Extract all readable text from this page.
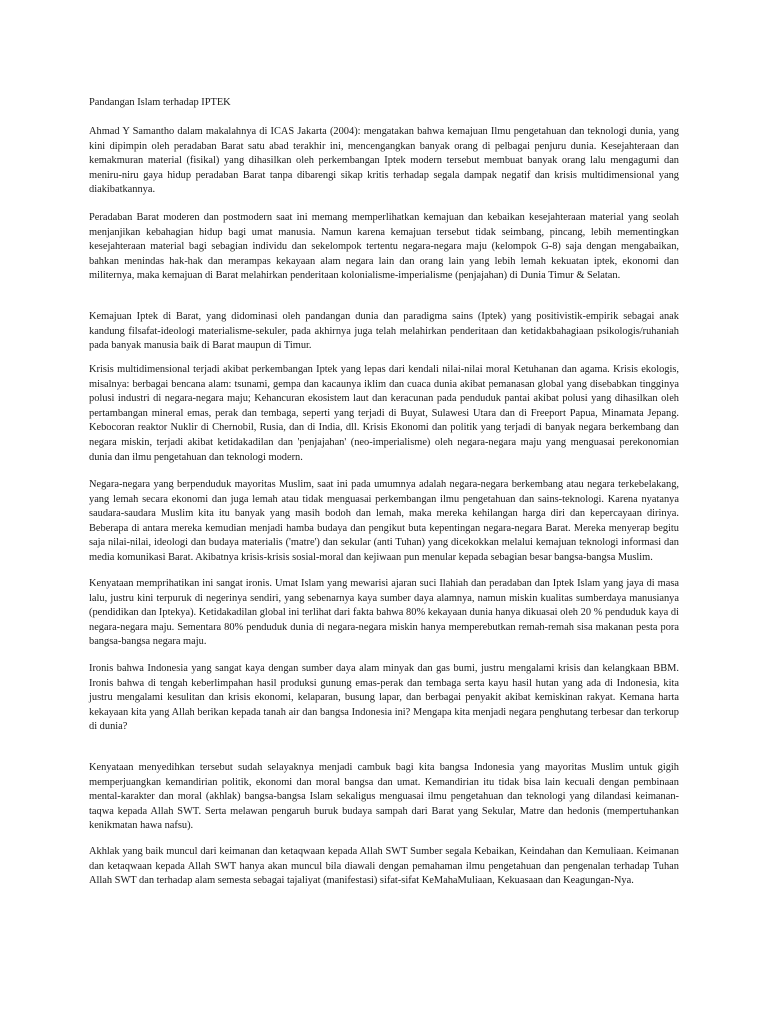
Pandangan Islam terhadap IPTEK

Ahmad Y Samantho dalam makalahnya di ICAS Jakarta (2004): mengatakan bahwa kemajuan Ilmu pengetahuan dan teknologi dunia, yang kini dipimpin oleh peradaban Barat satu abad terakhir ini, mencengangkan banyak orang di pelbagai penjuru dunia. Kesejahteraan dan kemakmuran material (fisikal) yang dihasilkan oleh perkembangan Iptek modern tersebut membuat banyak orang lalu mengagumi dan meniru-niru gaya hidup peradaban Barat tanpa dibarengi sikap kritis terhadap segala dampak negatif dan krisis multidimensional yang diakibatkannya.

Peradaban Barat moderen dan postmodern saat ini memang memperlihatkan kemajuan dan kebaikan kesejahteraan material yang seolah menjanjikan kebahagian hidup bagi umat manusia. Namun karena kemajuan tersebut tidak seimbang, pincang, lebih mementingkan kesejahteraan material bagi sebagian individu dan sekelompok tertentu negara-negara maju (kelompok G-8) saja dengan mengabaikan, bahkan menindas hak-hak dan merampas kekayaan alam negara lain dan orang lain yang lebih lemah kekuatan iptek, ekonomi dan militernya, maka kemajuan di Barat melahirkan penderitaan kolonialisme-imperialisme (penjajahan) di Dunia Timur & Selatan.

Kemajuan Iptek di Barat, yang didominasi oleh pandangan dunia dan paradigma sains (Iptek) yang positivistik-empirik sebagai anak kandung filsafat-ideologi materialisme-sekuler, pada akhirnya juga telah melahirkan penderitaan dan ketidakbahagiaan psikologis/ruhaniah pada banyak manusia baik di Barat maupun di Timur.

Krisis multidimensional terjadi akibat perkembangan Iptek yang lepas dari kendali nilai-nilai moral Ketuhanan dan agama. Krisis ekologis, misalnya: berbagai bencana alam: tsunami, gempa dan kacaunya iklim dan cuaca dunia akibat pemanasan global yang disebabkan tingginya polusi industri di negara-negara maju; Kehancuran ekosistem laut dan keracunan pada penduduk pantai akibat polusi yang dihasilkan oleh pertambangan mineral emas, perak dan tembaga, seperti yang terjadi di Buyat, Sulawesi Utara dan di Freeport Papua, Minamata Jepang. Kebocoran reaktor Nuklir di Chernobil, Rusia, dan di India, dll. Krisis Ekonomi dan politik yang terjadi di banyak negara berkembang dan negara miskin, terjadi akibat ketidakadilan dan 'penjajahan' (neo-imperialisme) oleh negara-negara maju yang menguasai perekonomian dunia dan ilmu pengetahuan dan teknologi modern.

Negara-negara yang berpenduduk mayoritas Muslim, saat ini pada umumnya adalah negara-negara berkembang atau negara terkebelakang, yang lemah secara ekonomi dan juga lemah atau tidak menguasai perkembangan ilmu pengetahuan dan sains-teknologi. Karena nyatanya saudara-saudara Muslim kita itu banyak yang masih bodoh dan lemah, maka mereka kehilangan harga diri dan kepercayaan dirinya. Beberapa di antara mereka kemudian menjadi hamba budaya dan pengikut buta kepentingan negara-negara Barat. Mereka menyerap begitu saja nilai-nilai, ideologi dan budaya materialis ('matre') dan sekular (anti Tuhan) yang dicekokkan melalui kemajuan teknologi informasi dan media komunikasi Barat. Akibatnya krisis-krisis sosial-moral dan kejiwaan pun menular kepada sebagian besar bangsa-bangsa Muslim.

Kenyataan memprihatikan ini sangat ironis. Umat Islam yang mewarisi ajaran suci Ilahiah dan peradaban dan Iptek Islam yang jaya di masa lalu, justru kini terpuruk di negerinya sendiri, yang sebenarnya kaya sumber daya alamnya, namun miskin kualitas sumberdaya manusianya (pendidikan dan Iptekya). Ketidakadilan global ini terlihat dari fakta bahwa 80% kekayaan dunia hanya dikuasai oleh 20 % penduduk kaya di negara-negara maju. Sementara 80% penduduk dunia di negara-negara miskin hanya memperebutkan remah-remah sisa makanan pesta pora bangsa-bangsa negara maju.

Ironis bahwa Indonesia yang sangat kaya dengan sumber daya alam minyak dan gas bumi, justru mengalami krisis dan kelangkaan BBM. Ironis bahwa di tengah keberlimpahan hasil produksi gunung emas-perak dan tembaga serta kayu hasil hutan yang ada di Indonesia, kita justru mengalami kesulitan dan krisis ekonomi, kelaparan, busung lapar, dan berbagai penyakit akibat kemiskinan rakyat. Kemana harta kekayaan kita yang Allah berikan kepada tanah air dan bangsa Indonesia ini? Mengapa kita menjadi negara penghutang terbesar dan terkorup di dunia?

Kenyataan menyedihkan tersebut sudah selayaknya menjadi cambuk bagi kita bangsa Indonesia yang mayoritas Muslim untuk gigih memperjuangkan kemandirian politik, ekonomi dan moral bangsa dan umat. Kemandirian itu tidak bisa lain kecuali dengan pembinaan mental-karakter dan moral (akhlak) bangsa-bangsa Islam sekaligus menguasai ilmu pengetahuan dan teknologi yang dilandasi keimanan-taqwa kepada Allah SWT. Serta melawan pengaruh buruk budaya sampah dari Barat yang Sekular, Matre dan hedonis (mempertuhankan kenikmatan hawa nafsu).

Akhlak yang baik muncul dari keimanan dan ketaqwaan kepada Allah SWT Sumber segala Kebaikan, Keindahan dan Kemuliaan. Keimanan dan ketaqwaan kepada Allah SWT hanya akan muncul bila diawali dengan pemahaman ilmu pengetahuan dan pengenalan terhadap Tuhan Allah SWT dan terhadap alam semesta sebagai tajaliyat (manifestasi) sifat-sifat KeMahaMuliaan, Kekuasaan dan Keagungan-Nya.
